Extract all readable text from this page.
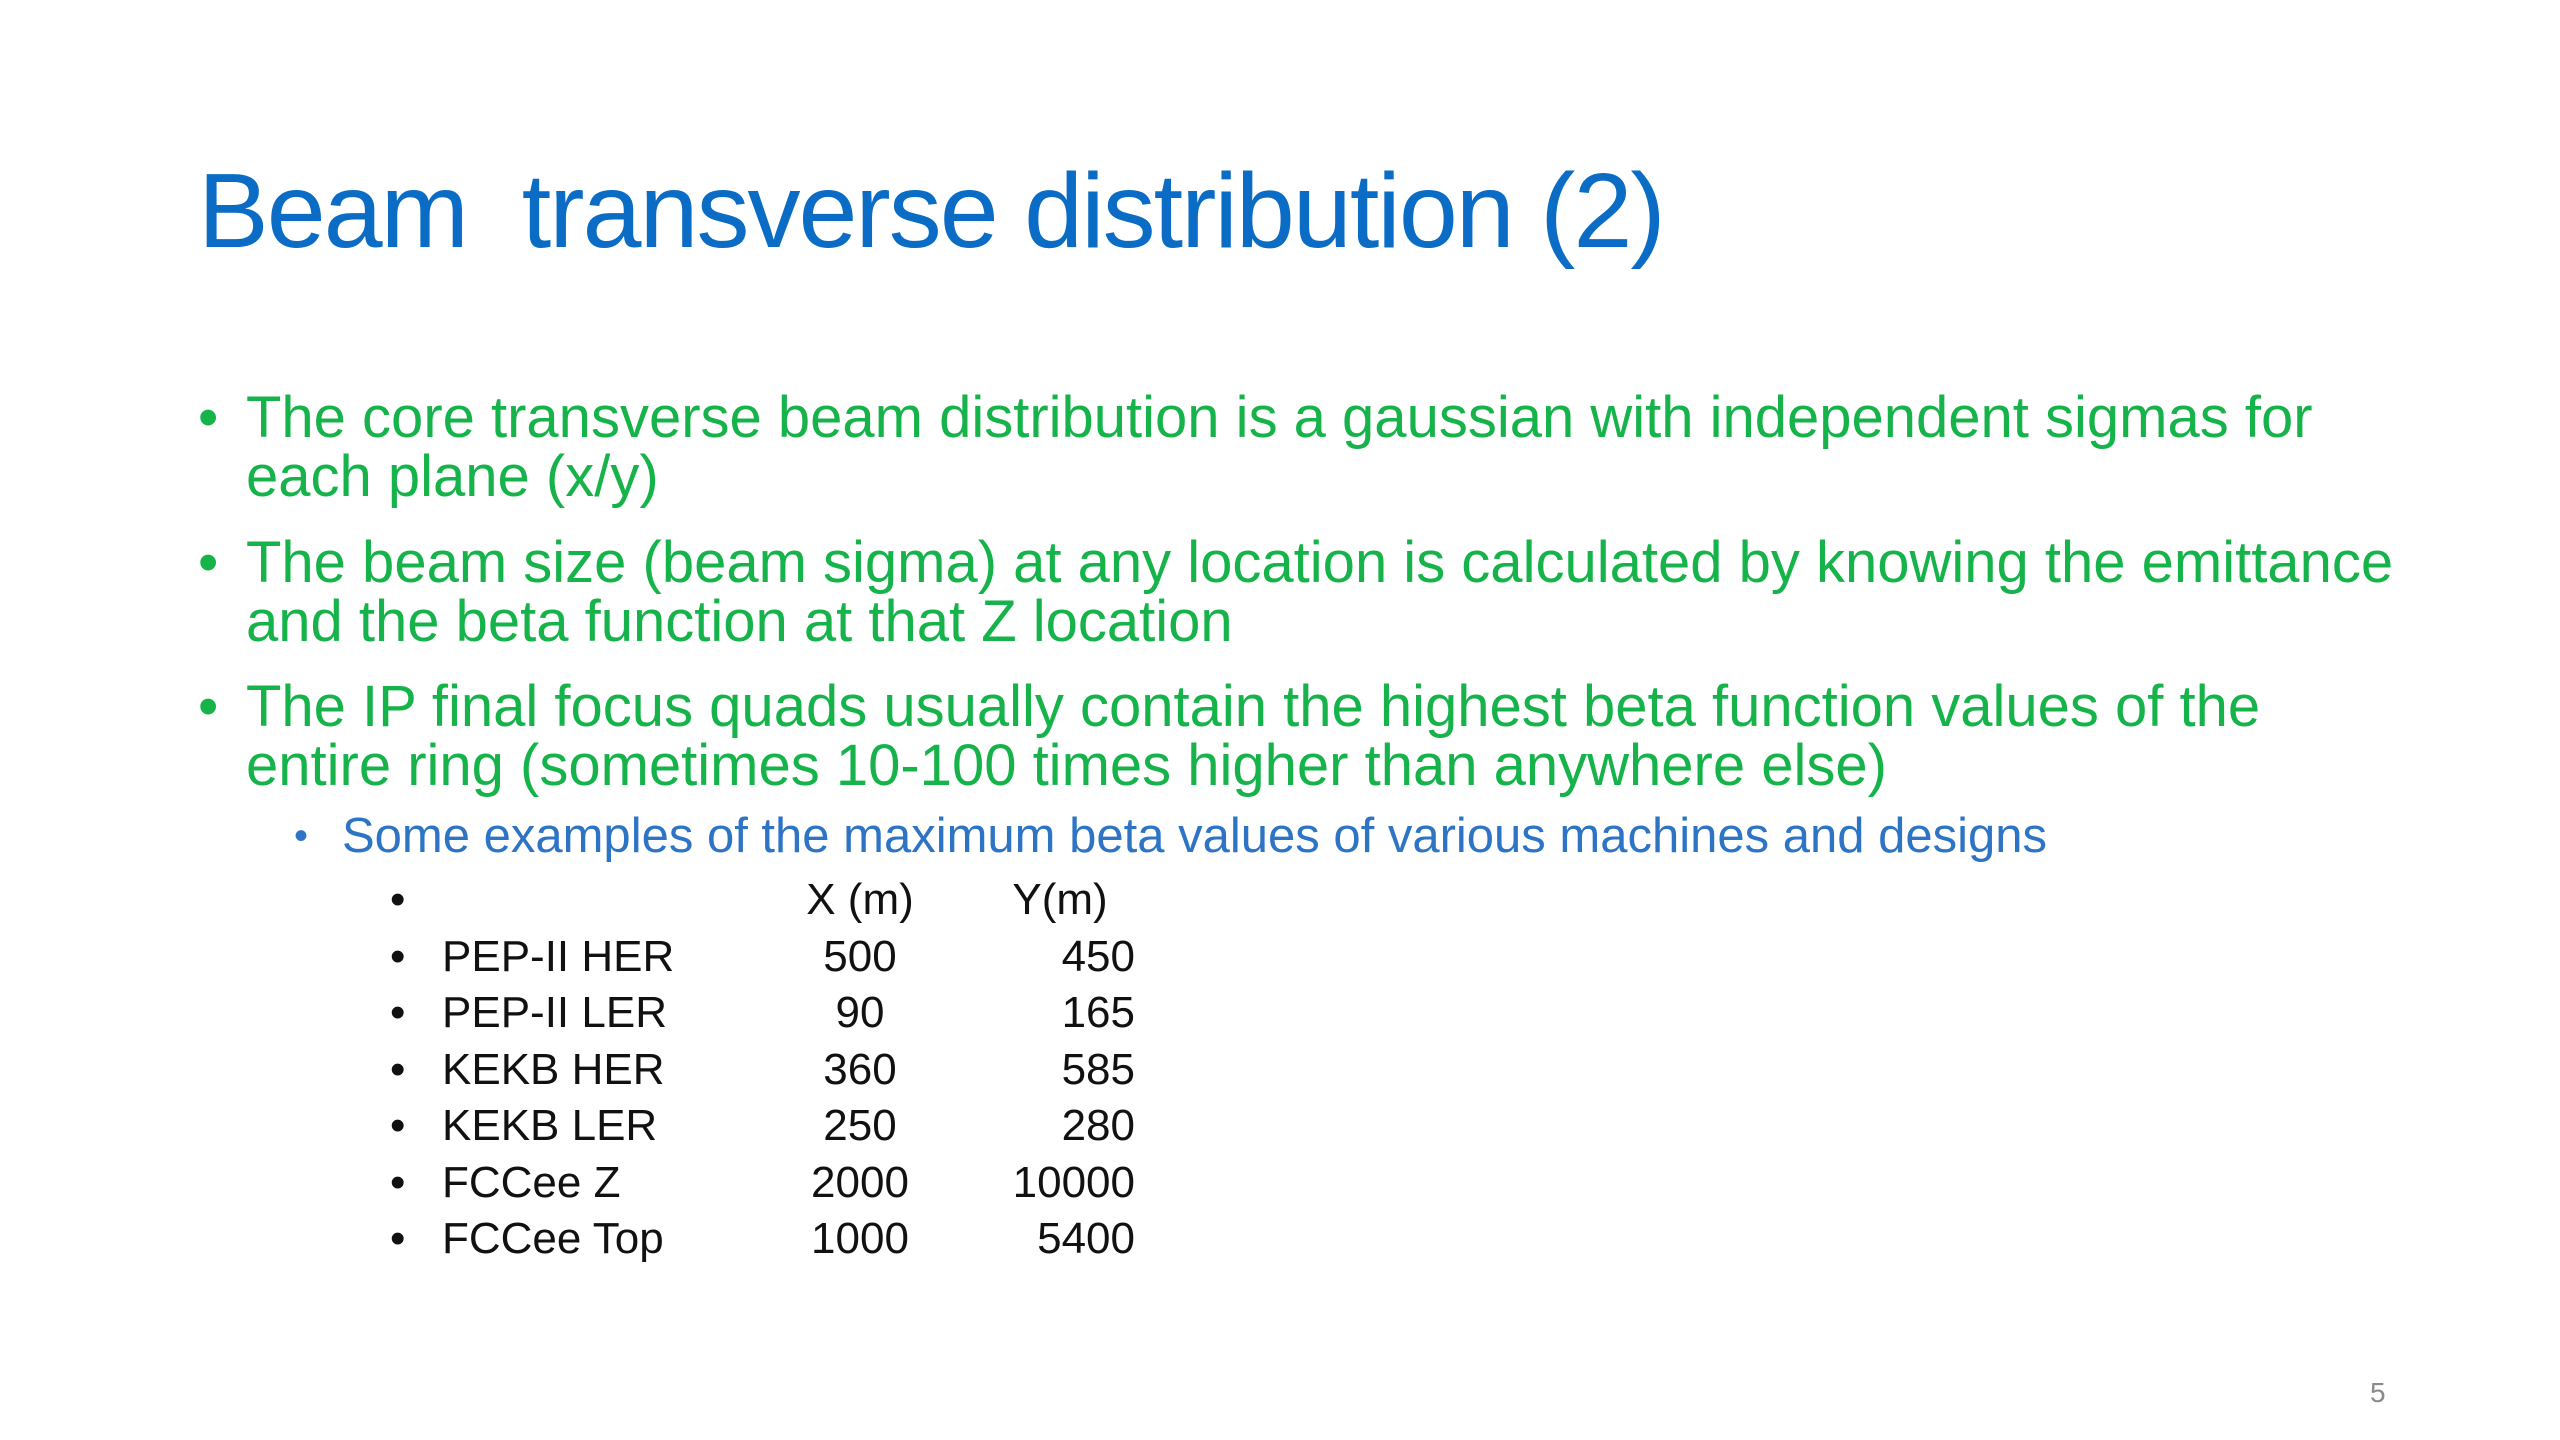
Beam  transverse distribution (2)
• The core transverse beam distribution is a gaussian with independent sigmas for each plane (x/y)
• The beam size (beam sigma) at any location is calculated by knowing the emittance and the beta function at that Z location
• The IP final focus quads usually contain the highest beta function values of the entire ring (sometimes 10-100 times higher than anywhere else)
• Some examples of the maximum beta values of various machines and designs
•	X (m)	Y(m)
• PEP-II HER	500	450
• PEP-II LER	90	165
• KEKB HER	360	585
• KEKB LER	250	280
• FCCee Z	2000	10000
• FCCee Top	1000	5400
5
